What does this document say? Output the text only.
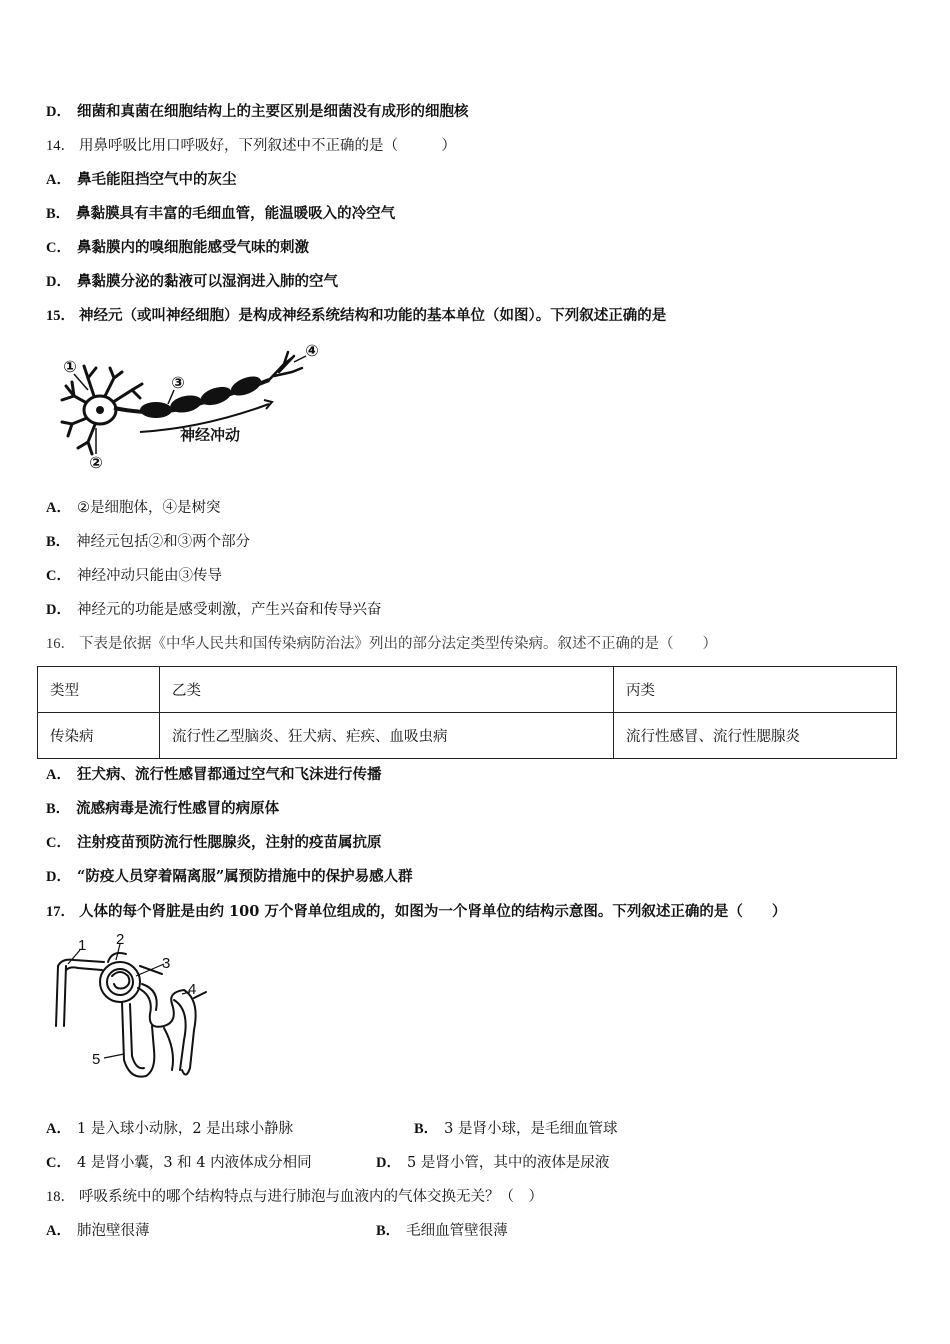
D． 细菌和真菌在细胞结构上的主要区别是细菌没有成形的细胞核
14． 用鼻呼吸比用口呼吸好，下列叙述中不正确的是（　　　）
A． 鼻毛能阻挡空气中的灰尘
B． 鼻黏膜具有丰富的毛细血管，能温暖吸入的冷空气
C． 鼻黏膜内的嗅细胞能感受气味的刺激
D． 鼻黏膜分泌的黏液可以湿润进入肺的空气
15． 神经元（或叫神经细胞）是构成神经系统结构和功能的基本单位（如图）。下列叙述正确的是
①
②
③
④
神经冲动
A． ②是细胞体，④是树突
B． 神经元包括②和③两个部分
C． 神经冲动只能由③传导
D． 神经元的功能是感受刺激，产生兴奋和传导兴奋
16． 下表是依据《中华人民共和国传染病防治法》列出的部分法定类型传染病。叙述不正确的是（　　）
类型	乙类	丙类
传染病	流行性乙型脑炎、狂犬病、疟疾、血吸虫病	流行性感冒、流行性腮腺炎
A． 狂犬病、流行性感冒都通过空气和飞沫进行传播
B． 流感病毒是流行性感冒的病原体
C． 注射疫苗预防流行性腮腺炎，注射的疫苗属抗原
D． “防疫人员穿着隔离服”属预防措施中的保护易感人群
17． 人体的每个肾脏是由约 100 万个肾单位组成的，如图为一个肾单位的结构示意图。下列叙述正确的是（　　）
1 2
3
4
5
A． 1 是入球小动脉，2 是出球小静脉	B． 3 是肾小球，是毛细血管球
C． 4 是肾小囊，3 和 4 内液体成分相同	D． 5 是肾小管，其中的液体是尿液
18． 呼吸系统中的哪个结构特点与进行肺泡与血液内的气体交换无关？（　）
A． 肺泡壁很薄	B． 毛细血管壁很薄
